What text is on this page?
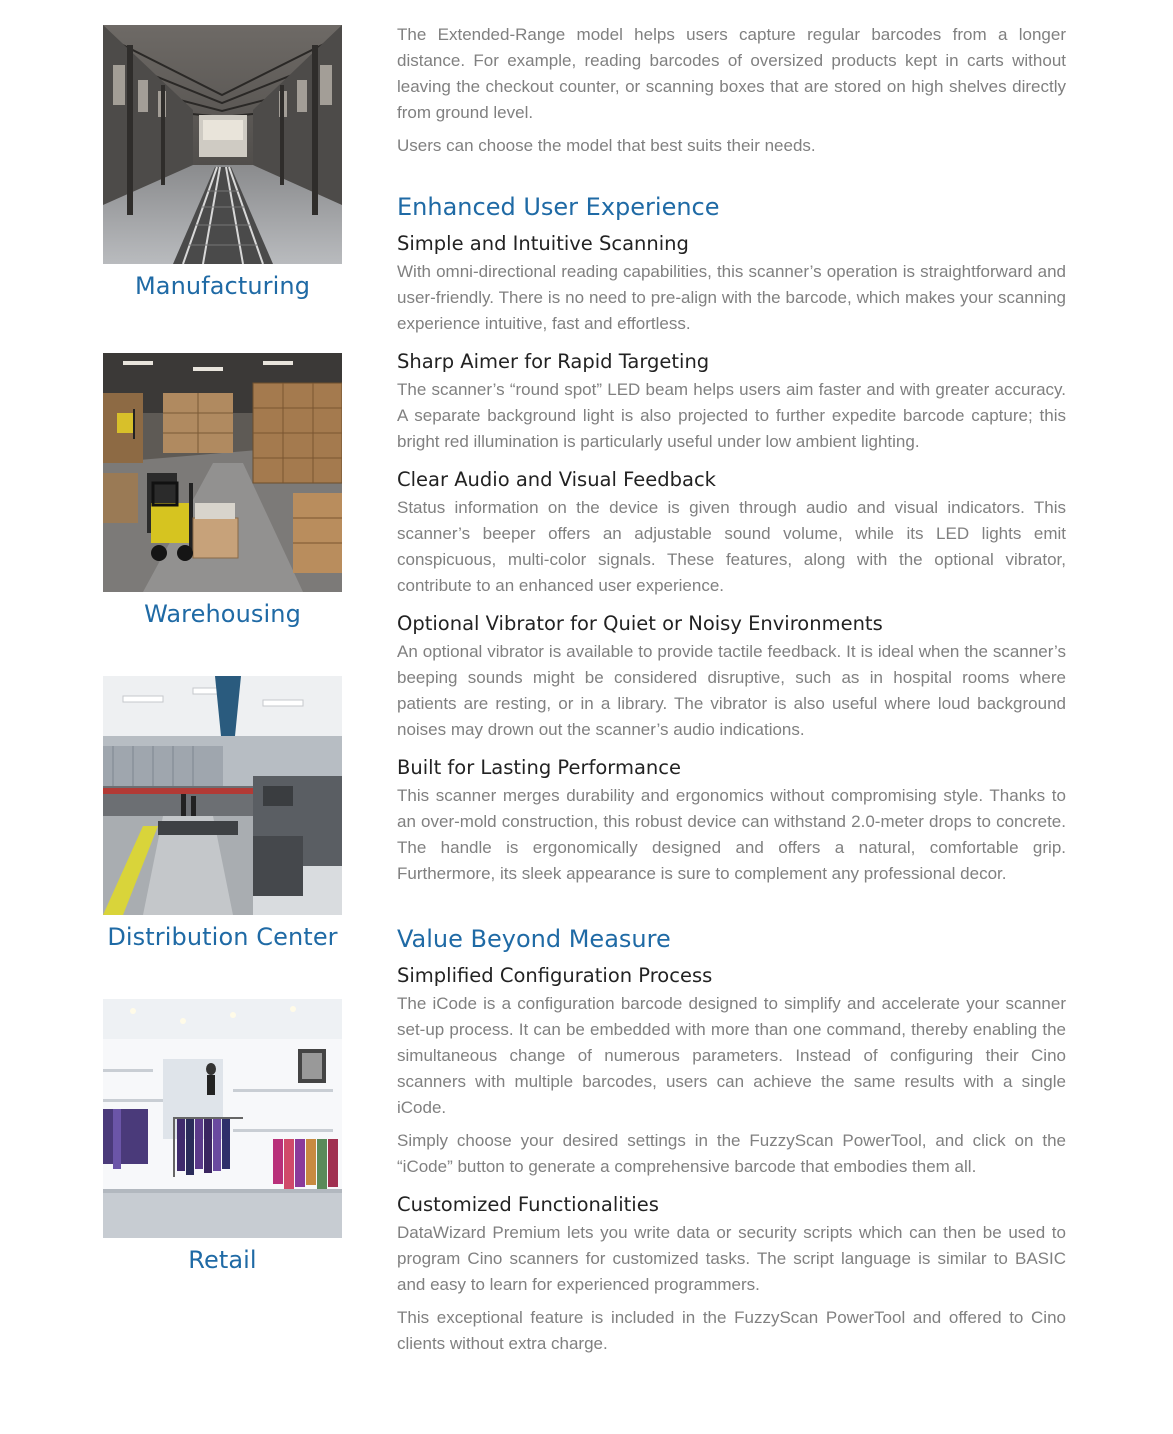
Manufacturing
Warehousing
Distribution Center
Retail

The Extended-Range model helps users capture regular barcodes from a longer distance. For example, reading barcodes of oversized products kept in carts without leaving the checkout counter, or scanning boxes that are stored on high shelves directly from ground level.

Users can choose the model that best suits their needs.

Enhanced User Experience
Simple and Intuitive Scanning

With omni-directional reading capabilities, this scanner’s operation is straightforward and user-friendly. There is no need to pre-align with the barcode, which makes your scanning experience intuitive, fast and effortless.

Sharp Aimer for Rapid Targeting

The scanner’s “round spot” LED beam helps users aim faster and with greater accuracy. A separate background light is also projected to further expedite barcode capture; this bright red illumination is particularly useful under low ambient lighting.

Clear Audio and Visual Feedback

Status information on the device is given through audio and visual indicators. This scanner’s beeper offers an adjustable sound volume, while its LED lights emit conspicuous, multi-color signals. These features, along with the optional vibrator, contribute to an enhanced user experience.

Optional Vibrator for Quiet or Noisy Environments

An optional vibrator is available to provide tactile feedback. It is ideal when the scanner’s beeping sounds might be considered disruptive, such as in hospital rooms where patients are resting, or in a library. The vibrator is also useful where loud background noises may drown out the scanner’s audio indications.

Built for Lasting Performance

This scanner merges durability and ergonomics without compromising style. Thanks to an over-mold construction, this robust device can withstand 2.0-meter drops to concrete. The handle is ergonomically designed and offers a natural, comfortable grip. Furthermore, its sleek appearance is sure to complement any professional decor.

Value Beyond Measure
Simplified Configuration Process

The iCode is a configuration barcode designed to simplify and accelerate your scanner set-up process. It can be embedded with more than one command, thereby enabling the simultaneous change of numerous parameters. Instead of configuring their Cino scanners with multiple barcodes, users can achieve the same results with a single iCode.

Simply choose your desired settings in the FuzzyScan PowerTool, and click on the “iCode” button to generate a comprehensive barcode that embodies them all.

Customized Functionalities

DataWizard Premium lets you write data or security scripts which can then be used to program Cino scanners for customized tasks. The script language is similar to BASIC and easy to learn for experienced programmers.

This exceptional feature is included in the FuzzyScan PowerTool and offered to Cino clients without extra charge.
